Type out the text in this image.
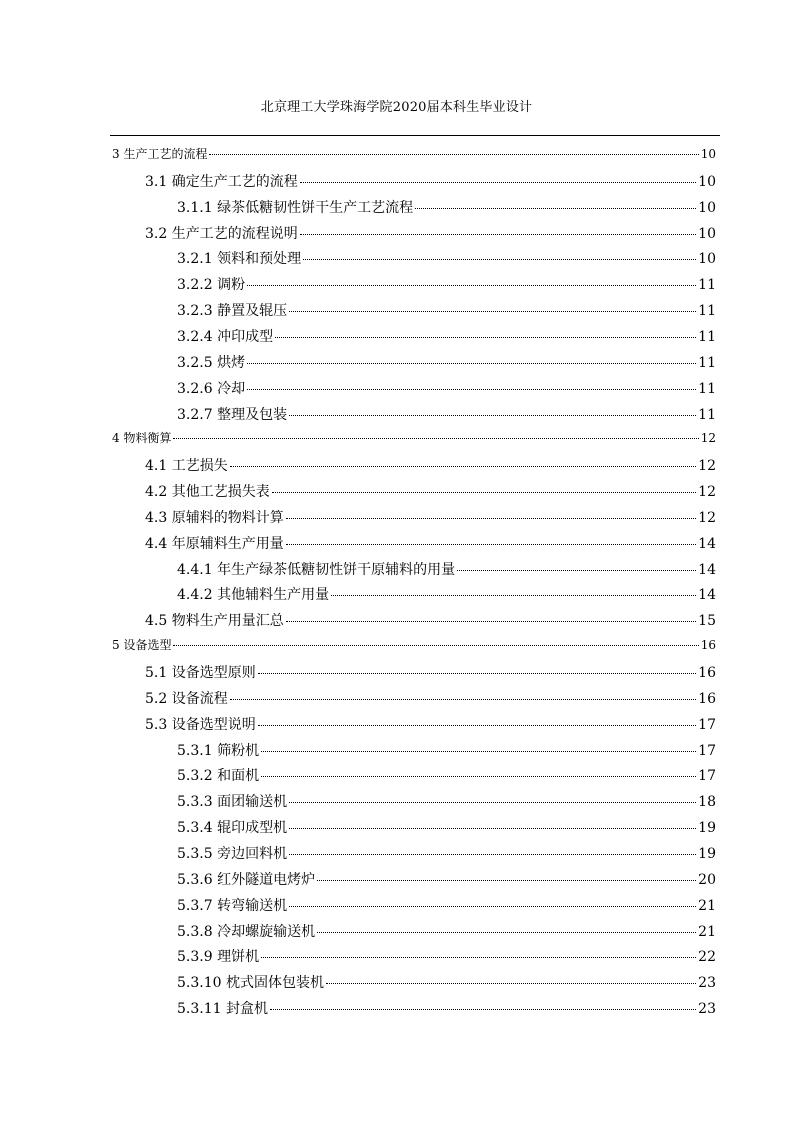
北京理工大学珠海学院2020届本科生毕业设计
3 生产工艺的流程	10
3.1 确定生产工艺的流程	10
3.1.1 绿茶低糖韧性饼干生产工艺流程	10
3.2 生产工艺的流程说明	10
3.2.1 领料和预处理	10
3.2.2 调粉	11
3.2.3 静置及辊压	11
3.2.4 冲印成型	11
3.2.5 烘烤	11
3.2.6 冷却	11
3.2.7 整理及包装	11
4 物料衡算	12
4.1 工艺损失	12
4.2 其他工艺损失表	12
4.3 原辅料的物料计算	12
4.4 年原辅料生产用量	14
4.4.1 年生产绿茶低糖韧性饼干原辅料的用量	14
4.4.2 其他辅料生产用量	14
4.5 物料生产用量汇总	15
5 设备选型	16
5.1 设备选型原则	16
5.2 设备流程	16
5.3 设备选型说明	17
5.3.1 筛粉机	17
5.3.2 和面机	17
5.3.3 面团输送机	18
5.3.4 辊印成型机	19
5.3.5 旁边回料机	19
5.3.6 红外隧道电烤炉	20
5.3.7 转弯输送机	21
5.3.8 冷却螺旋输送机	21
5.3.9 理饼机	22
5.3.10 枕式固体包装机	23
5.3.11 封盒机	23
